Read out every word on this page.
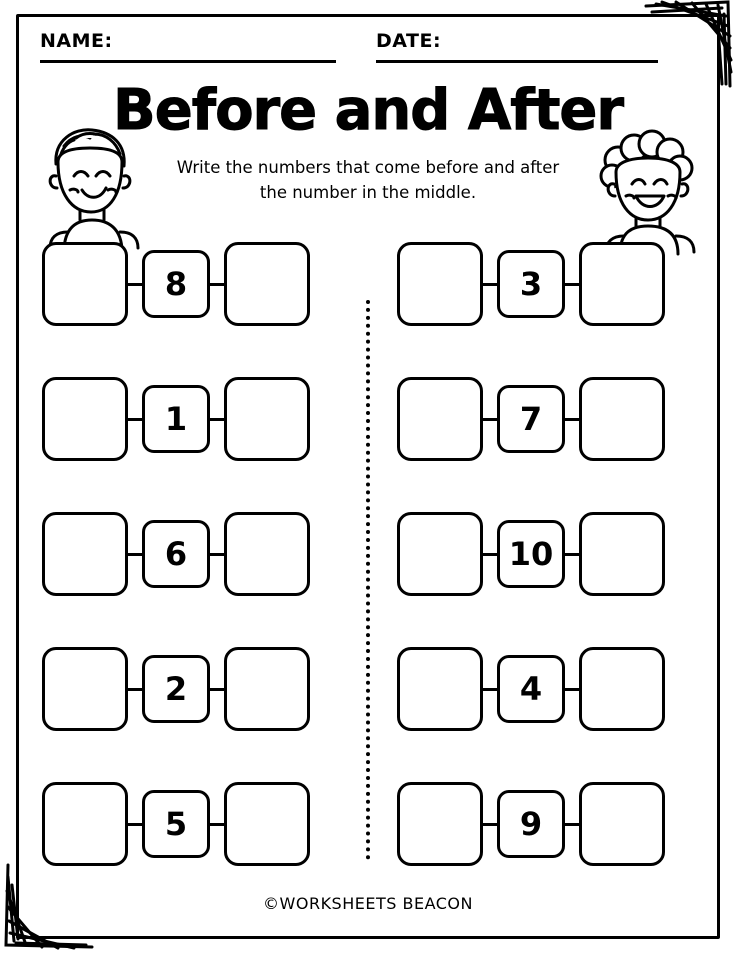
NAME:	DATE:
Before and After
Write the numbers that come before and after the number in the middle.
8
1
6
2
5
3
7
10
4
9
©WORKSHEETS BEACON
